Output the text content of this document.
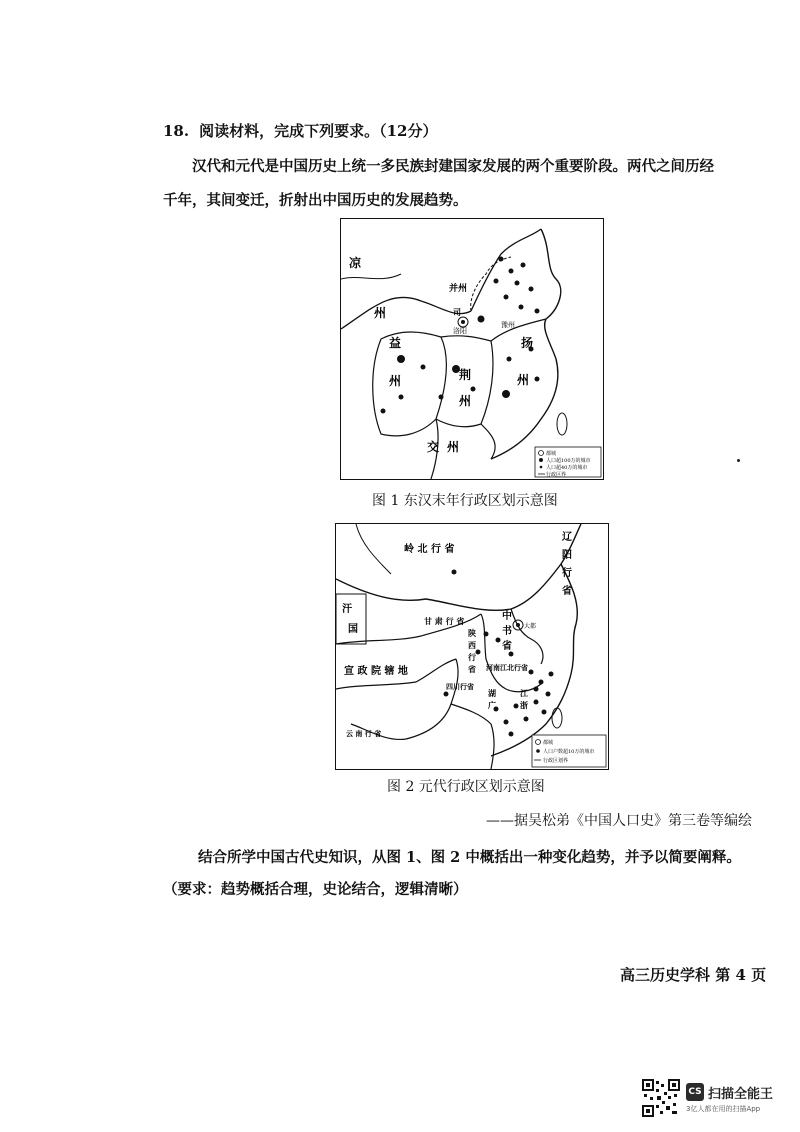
18. 阅读材料，完成下列要求。（12分）
汉代和元代是中国历史上统一多民族封建国家发展的两个重要阶段。两代之间历经
千年，其间变迁，折射出中国历史的发展趋势。
凉
州
并州
司
洛阳
豫州
益
州	荆
州
扬
州
交 州	都城
人口超100万的城市
人口超40万的城市
行政区界
图 1 东汉末年行政区划示意图
大都
岭 北 行 省
辽
阳
行
省
汗
国
甘 肃 行 省	中
书
省
陕
西
行
省 河南江北行省
宣 政 院 辖 地
四川行省
云 南 行 省
湖
广
江
浙
都城
人口户数超10万的城市
行政区划界
图 2 元代行政区划示意图
——据吴松弟《中国人口史》第三卷等编绘
结合所学中国古代史知识，从图 1、图 2 中概括出一种变化趋势，并予以简要阐释。
（要求：趋势概括合理，史论结合，逻辑清晰）
高三历史学科 第 4 页
CS 扫描全能王
3亿人都在用的扫描App
